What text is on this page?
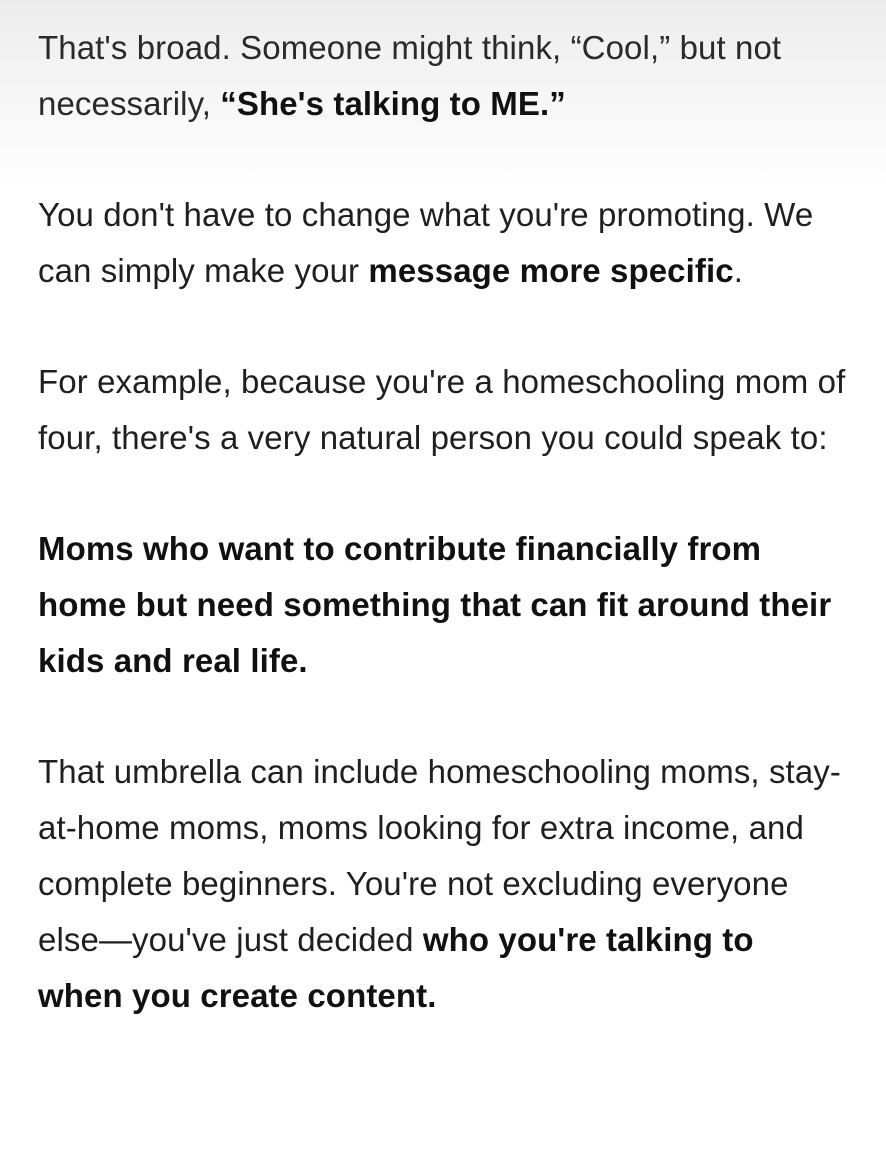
That's broad. Someone might think, “Cool,” but not necessarily, “She's talking to ME.”

You don't have to change what you're promoting. We can simply make your message more specific.

For example, because you're a homeschooling mom of four, there's a very natural person you could speak to:

Moms who want to contribute financially from home but need something that can fit around their kids and real life.

That umbrella can include homeschooling moms, stay-at-home moms, moms looking for extra income, and complete beginners. You're not excluding everyone else—you've just decided who you're talking to when you create content.
